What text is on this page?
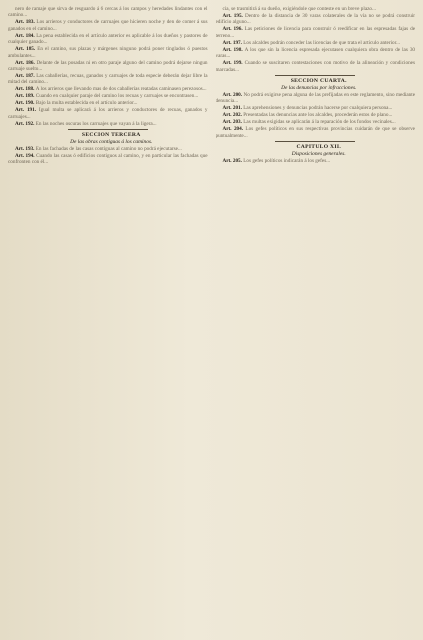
nero de ramaje que sirva de resguardo á 6 cercas á los campos y heredades lindantes con el camino...

Art. 183. Los arrieros y conductores de carruajes que hicieren noche y den de comer á sus ganados en el camino...

Art. 184. La pena establecida en el artículo anterior es aplicable á los dueños y pastores de cualquier ganado...

Art. 185. En el camino, sus plazas y márgenes ninguno podrá poner tinglados ó puestos ambulantes...

Art. 186. Delante de las posadas ni en otro paraje alguno del camino podrá dejarse ningun carruaje suelto...

Art. 187. Las caballerías, recuas, ganados y carruajes de toda especie deberán dejar libre la mitad del camino...

Art. 188. A los arrieros que llevando mas de dos caballerías reatadas caminasen perezosos...

Art. 189. Cuando en cualquier paraje del camino los recuas y carruajes se encontrasen...

Art. 190. Bajo la multa establecida en el artículo anterior...

Art. 191. Igual multa se aplicará á los arrieros y conductores de recuas, ganados y carruajes...

Art. 192. En las noches oscuras los carruajes que vayan á la ligera...

SECCION TERCERA

De las obras contiguas á los caminos.

Art. 193. En las fachadas de las casas contiguas al camino no podrá ejecutarse...

Art. 194. Cuando las casas ó edificios contiguos al camino, y en particular las fachadas que confronten con él...

cia, se trasmitirá á su dueño, exigiéndole que conteste en un breve plazo...

Art. 195. Dentro de la distancia de 30 varas colaterales de la vía no se podrá construir edificio alguno...

Art. 196. Las peticiones de licencia para construir ó reedificar en las espresadas fajas de terreno...

Art. 197. Los alcaldes podrán conceder las licencias de que trata el artículo anterior...

Art. 198. A los que sin la licencia espresada ejecutasen cualquiera obra dentro de las 30 varas...

Art. 199. Cuando se suscitaren contestaciones con motivo de la alineación y condiciones marcadas...

SECCION CUARTA.

De las denuncias por infracciones.

Art. 200. No podrá exigirse pena alguna de las prefijadas en este reglamento, sino mediante denuncia...

Art. 201. Las aprehensiones y denuncias podrán hacerse por cualquiera persona...

Art. 202. Presentadas las denuncias ante los alcaldes, procederán estos de plano...

Art. 203. Las multas exigidas se aplicarán á la reparación de los fondos vecinales...

Art. 204. Los gefes políticos en sus respectivas provincias cuidarán de que se observe puntualmente...

CAPITULO XII.

Disposiciones generales.

Art. 205. Los gefes políticos indicarán á los gefes...
